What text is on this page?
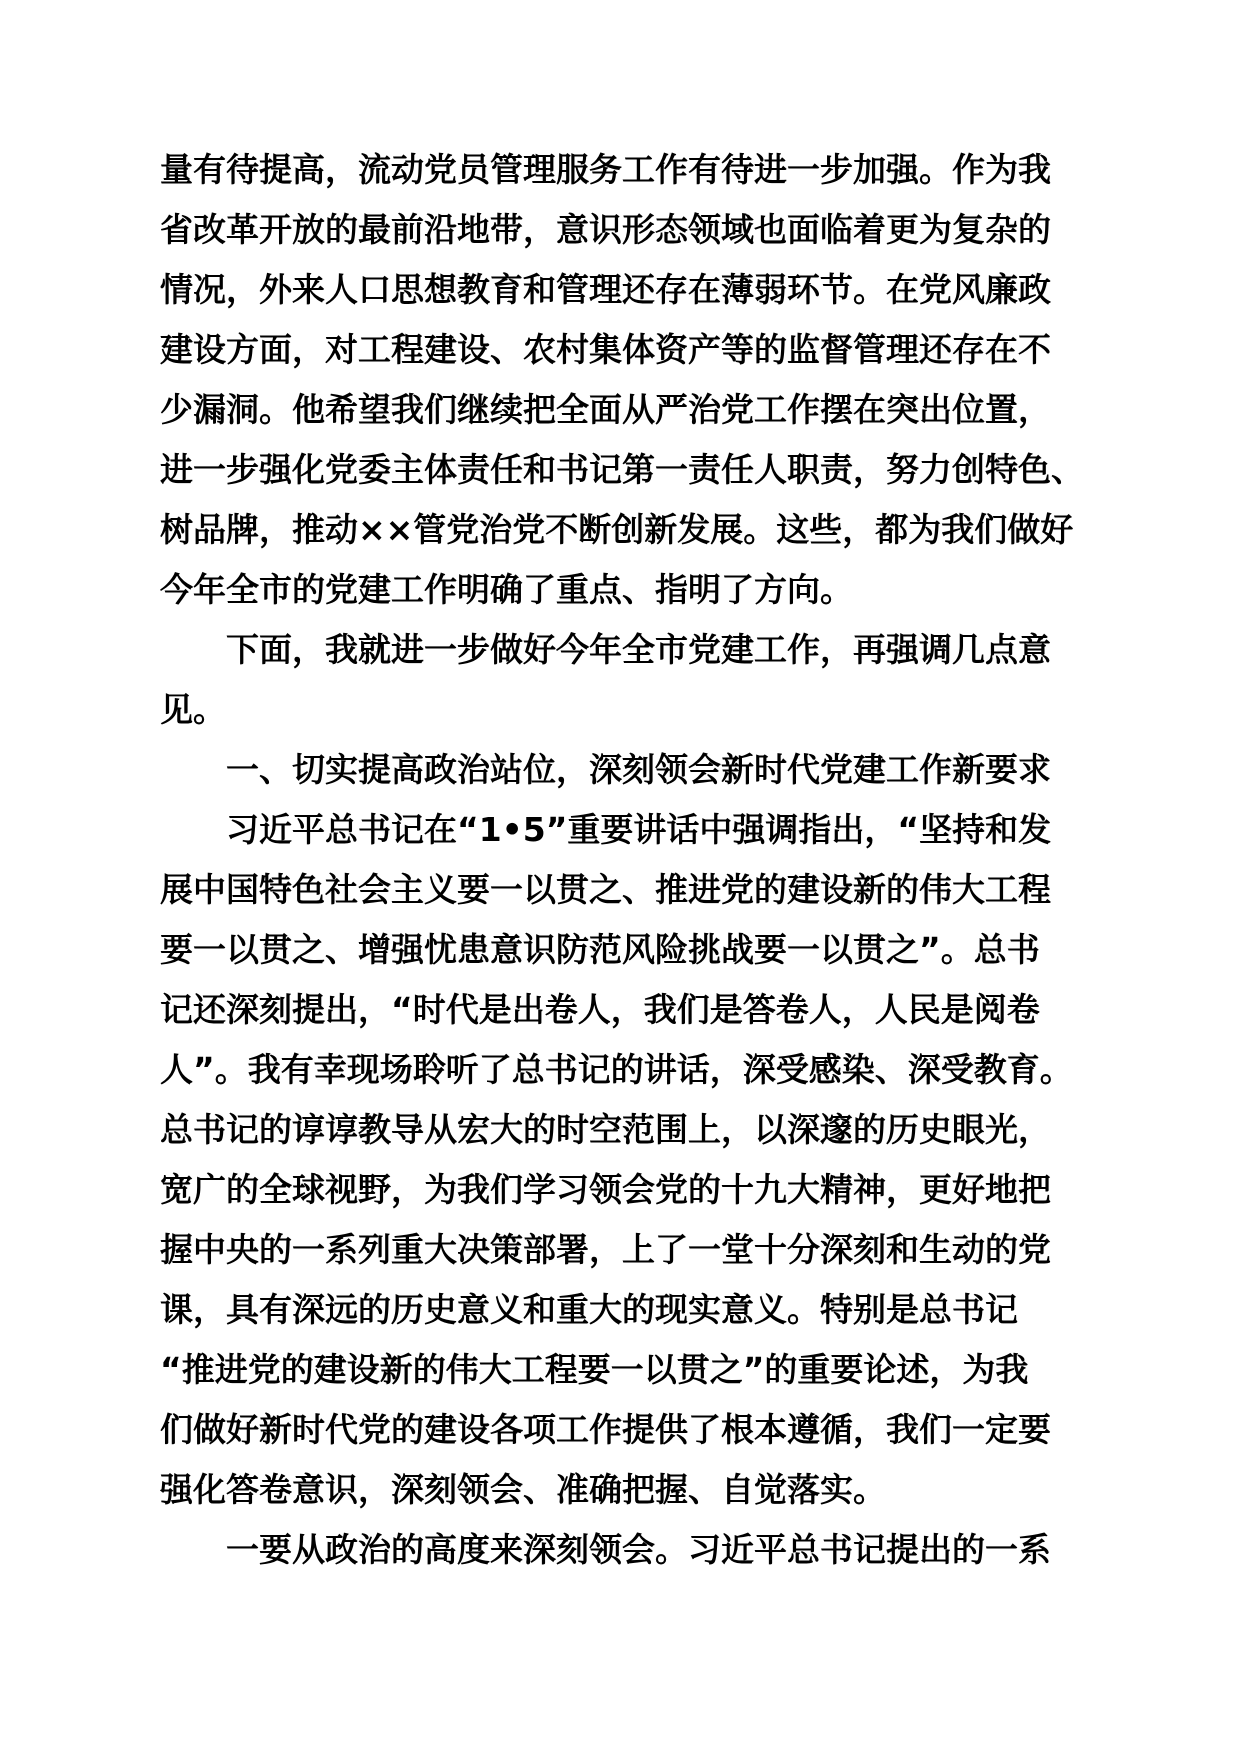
量有待提高，流动党员管理服务工作有待进一步加强。作为我
省改革开放的最前沿地带，意识形态领域也面临着更为复杂的
情况，外来人口思想教育和管理还存在薄弱环节。在党风廉政
建设方面，对工程建设、农村集体资产等的监督管理还存在不
少漏洞。他希望我们继续把全面从严治党工作摆在突出位置，
进一步强化党委主体责任和书记第一责任人职责，努力创特色、
树品牌，推动××管党治党不断创新发展。这些，都为我们做好
今年全市的党建工作明确了重点、指明了方向。
下面，我就进一步做好今年全市党建工作，再强调几点意
见。
一、切实提高政治站位，深刻领会新时代党建工作新要求
习近平总书记在“1•5”重要讲话中强调指出，“坚持和发
展中国特色社会主义要一以贯之、推进党的建设新的伟大工程
要一以贯之、增强忧患意识防范风险挑战要一以贯之”。总书
记还深刻提出，“时代是出卷人，我们是答卷人，人民是阅卷
人”。我有幸现场聆听了总书记的讲话，深受感染、深受教育。
总书记的谆谆教导从宏大的时空范围上，以深邃的历史眼光，
宽广的全球视野，为我们学习领会党的十九大精神，更好地把
握中央的一系列重大决策部署，上了一堂十分深刻和生动的党
课，具有深远的历史意义和重大的现实意义。特别是总书记
“推进党的建设新的伟大工程要一以贯之”的重要论述，为我
们做好新时代党的建设各项工作提供了根本遵循，我们一定要
强化答卷意识，深刻领会、准确把握、自觉落实。
一要从政治的高度来深刻领会。习近平总书记提出的一系
